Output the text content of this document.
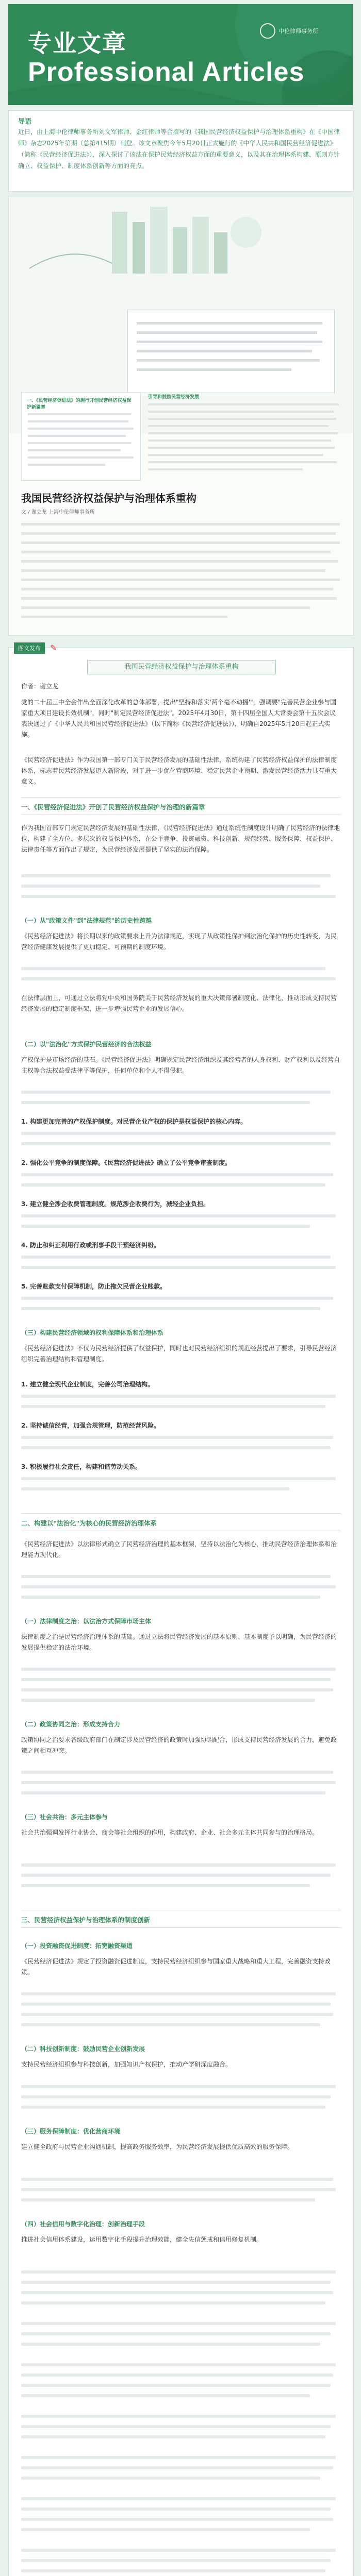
专业文章
Professional Articles
中伦律师事务所
导语
近日，由上海中伦律师事务所刘文军律师、金红律师等合撰写的《我国民营经济权益保护与治理体系重构》在《中国律师》杂志2025年第期（总第415期）刊登。该文章聚焦今年5月20日正式施行的《中华人民共和国民营经济促进法》（简称《民营经济促进法》），深入探讨了该法在保护民营经济权益方面的重要意义，以及其在治理体系构建、原则方针确立、权益保护、制度体系创新等方面的亮点。
一、《民营经济促进法》的施行开创民营经济权益保护新篇章
引导和鼓励民营经济发展
我国民营经济权益保护与治理体系重构
文 / 谢立龙 上海中伦律师事务所
图文发布	✎
我国民营经济权益保护与治理体系重构
作者：谢立龙
党的二十届三中全会作出全面深化改革的总体部署，提出"坚持和落实'两个毫不动摇'"，强调要"完善民营企业参与国家重大项目建设长效机制"，同时"制定民营经济促进法"。2025年4月30日，第十四届全国人大常委会第十五次会议表决通过了《中华人民共和国民营经济促进法》（以下简称《民营经济促进法》），明确自2025年5月20日起正式实施。
《民营经济促进法》作为我国第一部专门关于民营经济发展的基础性法律，系统构建了民营经济权益保护的法律制度体系，标志着民营经济发展迈入新阶段，对于进一步优化营商环境、稳定民营企业预期、激发民营经济活力具有重大意义。
一、《民营经济促进法》开创了民营经济权益保护与治理的新篇章
作为我国首部专门规定民营经济发展的基础性法律，《民营经济促进法》通过系统性制度设计明确了民营经济的法律地位，构建了全方位、多层次的权益保护体系，在公平竞争、投资融资、科技创新、规范经营、服务保障、权益保护、法律责任等方面作出了规定，为民营经济发展提供了坚实的法治保障。
（一）从"政策文件"到"法律规范"的历史性跨越
《民营经济促进法》将长期以来的政策要求上升为法律规范，实现了从政策性保护到法治化保护的历史性转变，为民营经济健康发展提供了更加稳定、可预期的制度环境。
在法律层面上，可通过立法将党中央和国务院关于民营经济发展的重大决策部署制度化、法律化，推动形成支持民营经济发展的稳定制度框架，进一步增强民营企业的发展信心。
（二）以"法治化"方式保护民营经济的合法权益
产权保护是市场经济的基石。《民营经济促进法》明确规定民营经济组织及其经营者的人身权利、财产权利以及经营自主权等合法权益受法律平等保护，任何单位和个人不得侵犯。
1. 构建更加完善的产权保护制度。对民营企业产权的保护是权益保护的核心内容。
2. 强化公平竞争的制度保障。《民营经济促进法》确立了公平竞争审查制度。
3. 建立健全涉企收费管理制度。规范涉企收费行为，减轻企业负担。
4. 防止和纠正利用行政或刑事手段干预经济纠纷。
5. 完善账款支付保障机制，防止拖欠民营企业账款。
（三）构建民营经济领域的权利保障体系和治理体系
《民营经济促进法》不仅为民营经济提供了权益保护，同时也对民营经济组织的规范经营提出了要求，引导民营经济组织完善治理结构和管理制度。
1. 建立健全现代企业制度，完善公司治理结构。
2. 坚持诚信经营，加强合规管理，防范经营风险。
3. 积极履行社会责任，构建和谐劳动关系。
二、构建以"法治化"为核心的民营经济治理体系
《民营经济促进法》以法律形式确立了民营经济治理的基本框架，坚持以法治化为核心，推动民营经济治理体系和治理能力现代化。
（一）法律制度之治：以法治方式保障市场主体
法律制度之治是民营经济治理体系的基础。通过立法将民营经济发展的基本原则、基本制度予以明确，为民营经济的发展提供稳定的法治环境。
（二）政策协同之治：形成支持合力
政策协同之治要求各级政府部门在制定涉及民营经济的政策时加强协调配合，形成支持民营经济发展的合力，避免政策之间相互冲突。
（三）社会共治：多元主体参与
社会共治强调发挥行业协会、商会等社会组织的作用，构建政府、企业、社会多元主体共同参与的治理格局。
三、民营经济权益保护与治理体系的制度创新
（一）投资融资促进制度：拓宽融资渠道
《民营经济促进法》规定了投资融资促进制度，支持民营经济组织参与国家重大战略和重大工程，完善融资支持政策。
（二）科技创新制度：鼓励民营企业创新发展
支持民营经济组织参与科技创新，加强知识产权保护，推动产学研深度融合。
（三）服务保障制度：优化营商环境
建立健全政府与民营企业沟通机制，提高政务服务效率，为民营经济发展提供优质高效的服务保障。
（四）社会信用与数字化治理：创新治理手段
推进社会信用体系建设，运用数字化手段提升治理效能，健全失信惩戒和信用修复机制。
